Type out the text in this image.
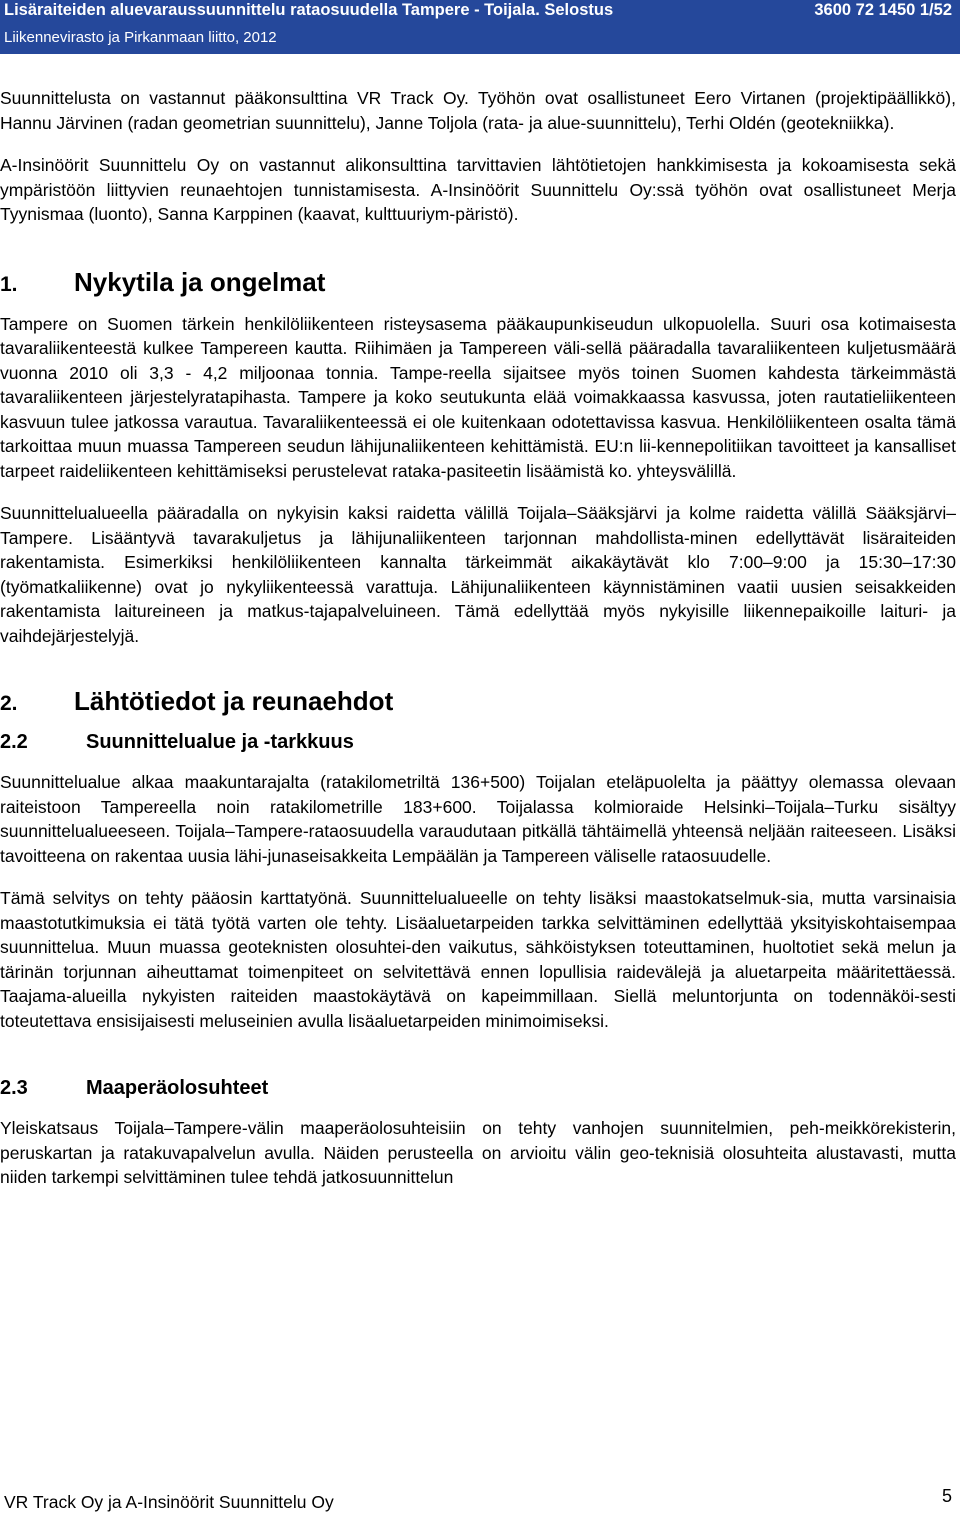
Lisäraiteiden aluevaraussuunnittelu rataosuudella Tampere - Toijala. Selostus	3600 72 1450 1/52
Liikennevirasto ja Pirkanmaan liitto, 2012

Suunnittelusta on vastannut pääkonsulttina VR Track Oy. Työhön ovat osallistuneet Eero Virtanen (projektipäällikkö), Hannu Järvinen (radan geometrian suunnittelu), Janne Toljola (rata- ja alue-suunnittelu), Terhi Oldén (geotekniikka).

A-Insinöörit Suunnittelu Oy on vastannut alikonsulttina tarvittavien lähtötietojen hankkimisesta ja kokoamisesta sekä ympäristöön liittyvien reunaehtojen tunnistamisesta. A-Insinöörit Suunnittelu Oy:ssä työhön ovat osallistuneet Merja Tyynismaa (luonto), Sanna Karppinen (kaavat, kulttuuriym-päristö).

1.	Nykytila ja ongelmat

Tampere on Suomen tärkein henkilöliikenteen risteysasema pääkaupunkiseudun ulkopuolella. Suuri osa kotimaisesta tavaraliikenteestä kulkee Tampereen kautta. Riihimäen ja Tampereen väli-sellä pääradalla tavaraliikenteen kuljetusmäärä vuonna 2010 oli 3,3 - 4,2 miljoonaa tonnia. Tampe-reella sijaitsee myös toinen Suomen kahdesta tärkeimmästä tavaraliikenteen järjestelyratapihasta. Tampere ja koko seutukunta elää voimakkaassa kasvussa, joten rautatieliikenteen kasvuun tulee jatkossa varautua. Tavaraliikenteessä ei ole kuitenkaan odotettavissa kasvua. Henkilöliikenteen osalta tämä tarkoittaa muun muassa Tampereen seudun lähijunaliikenteen kehittämistä. EU:n lii-kennepolitiikan tavoitteet ja kansalliset tarpeet raideliikenteen kehittämiseksi perustelevat rataka-pasiteetin lisäämistä ko. yhteysvälillä.

Suunnittelualueella pääradalla on nykyisin kaksi raidetta välillä Toijala–Sääksjärvi ja kolme raidetta välillä Sääksjärvi–Tampere. Lisääntyvä tavarakuljetus ja lähijunaliikenteen tarjonnan mahdollista-minen edellyttävät lisäraiteiden rakentamista. Esimerkiksi henkilöliikenteen kannalta tärkeimmät aikakäytävät klo 7:00–9:00 ja 15:30–17:30 (työmatkaliikenne) ovat jo nykyliikenteessä varattuja. Lähijunaliikenteen käynnistäminen vaatii uusien seisakkeiden rakentamista laitureineen ja matkus-tajapalveluineen. Tämä edellyttää myös nykyisille liikennepaikoille laituri- ja vaihdejärjestelyjä.

2.	Lähtötiedot ja reunaehdot
2.2	Suunnittelualue ja -tarkkuus

Suunnittelualue alkaa maakuntarajalta (ratakilometriltä 136+500) Toijalan eteläpuolelta ja päättyy olemassa olevaan raiteistoon Tampereella noin ratakilometrille 183+600. Toijalassa kolmioraide Helsinki–Toijala–Turku sisältyy suunnittelualueeseen. Toijala–Tampere-rataosuudella varaudutaan pitkällä tähtäimellä yhteensä neljään raiteeseen. Lisäksi tavoitteena on rakentaa uusia lähi-junaseisakkeita Lempäälän ja Tampereen väliselle rataosuudelle.

Tämä selvitys on tehty pääosin karttatyönä. Suunnittelualueelle on tehty lisäksi maastokatselmuk-sia, mutta varsinaisia maastotutkimuksia ei tätä työtä varten ole tehty. Lisäaluetarpeiden tarkka selvittäminen edellyttää yksityiskohtaisempaa suunnittelua. Muun muassa geoteknisten olosuhtei-den vaikutus, sähköistyksen toteuttaminen, huoltotiet sekä melun ja tärinän torjunnan aiheuttamat toimenpiteet on selvitettävä ennen lopullisia raidevälejä ja aluetarpeita määritettäessä. Taajama-alueilla nykyisten raiteiden maastokäytävä on kapeimmillaan. Siellä meluntorjunta on todennäköi-sesti toteutettava ensisijaisesti meluseinien avulla lisäaluetarpeiden minimoimiseksi.

2.3	Maaperäolosuhteet

Yleiskatsaus Toijala–Tampere-välin maaperäolosuhteisiin on tehty vanhojen suunnitelmien, peh-meikkörekisterin, peruskartan ja ratakuvapalvelun avulla. Näiden perusteella on arvioitu välin geo-teknisiä olosuhteita alustavasti, mutta niiden tarkempi selvittäminen tulee tehdä jatkosuunnittelun

VR Track Oy ja A-Insinöörit Suunnittelu Oy	5
